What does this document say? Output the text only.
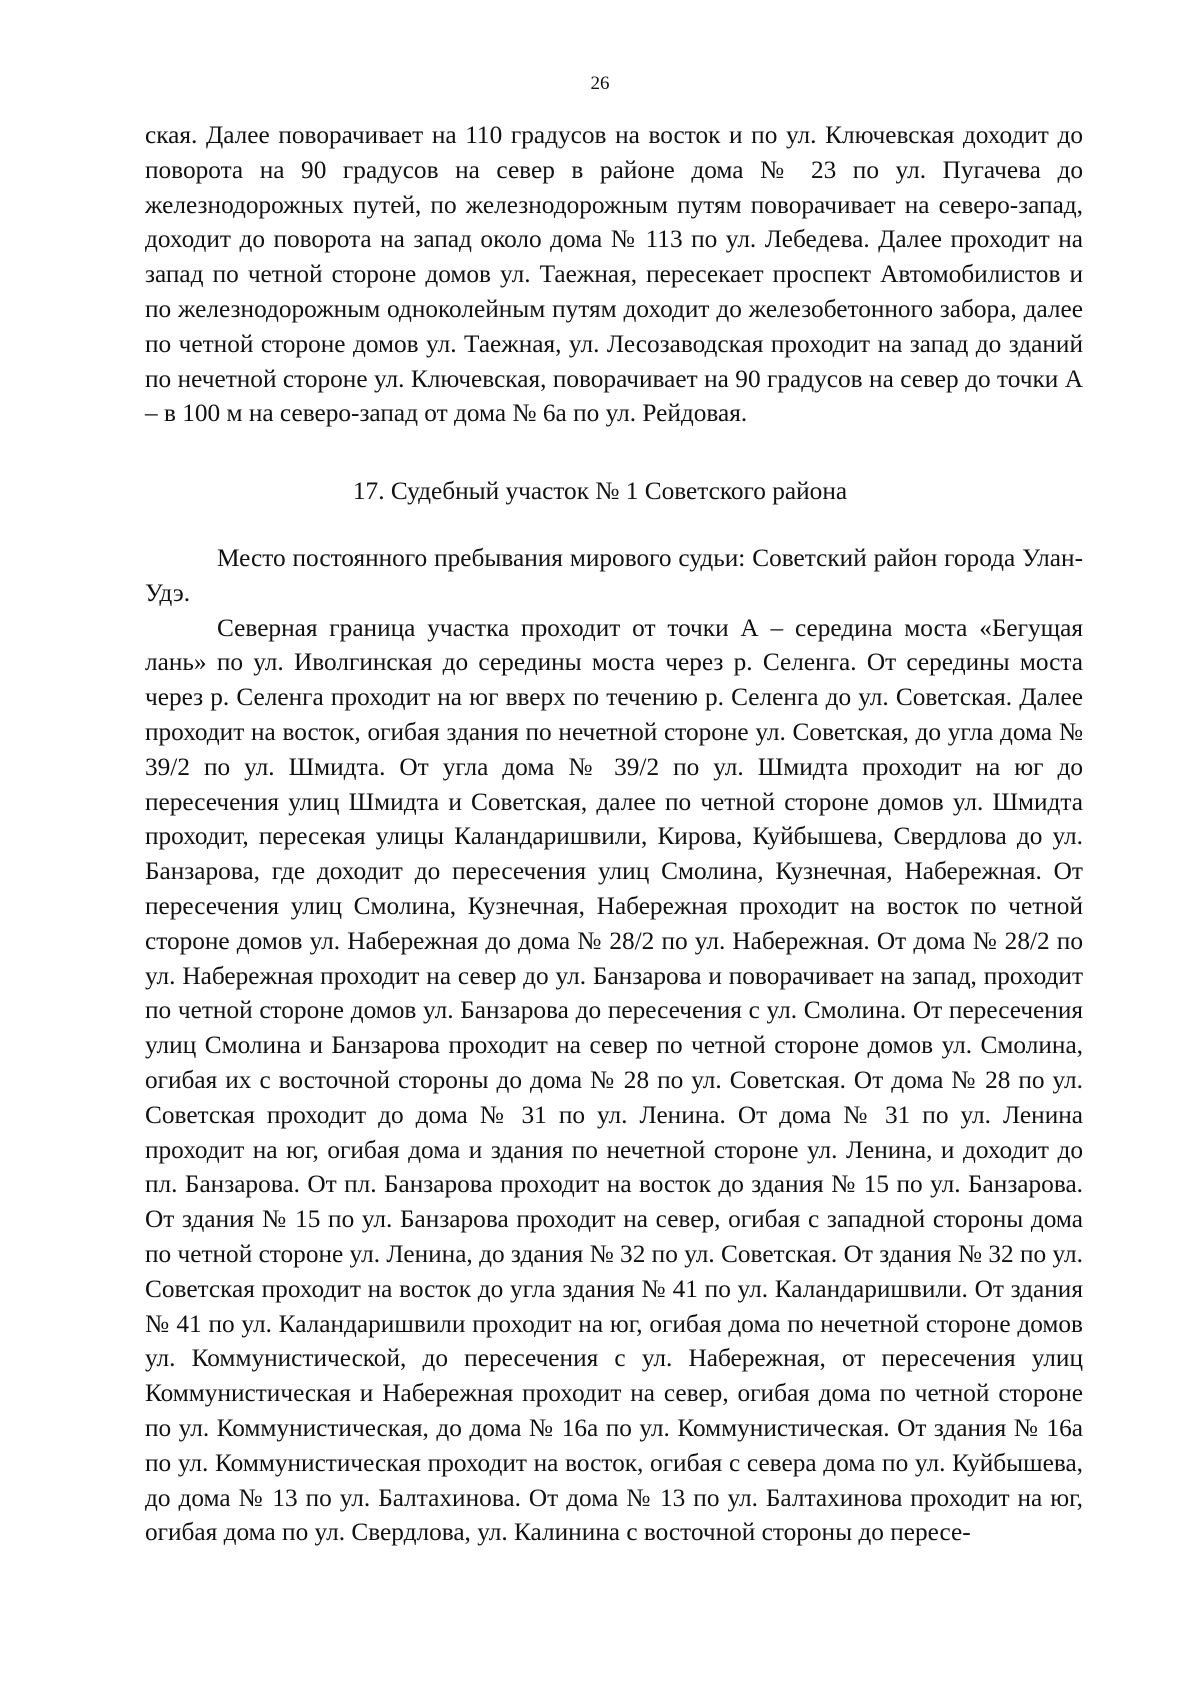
26

ская. Далее поворачивает на 110 градусов на восток и по ул. Ключевская доходит до поворота на 90 градусов на север в районе дома № 23 по ул. Пугачева до железнодорожных путей, по железнодорожным путям поворачивает на северо-запад, доходит до поворота на запад около дома № 113 по ул. Лебедева. Далее проходит на запад по четной стороне домов ул. Таежная, пересекает проспект Автомобилистов и по железнодорожным одноколейным путям доходит до железобетонного забора, далее по четной стороне домов ул. Таежная, ул. Лесозаводская проходит на запад до зданий по нечетной стороне ул. Ключевская, поворачивает на 90 градусов на север до точки А – в 100 м на северо-запад от дома № 6а по ул. Рейдовая.

17. Судебный участок № 1 Советского района

Место постоянного пребывания мирового судьи: Советский район города Улан-Удэ.

Северная граница участка проходит от точки А – середина моста «Бегущая лань» по ул. Иволгинская до середины моста через р. Селенга. От середины моста через р. Селенга проходит на юг вверх по течению р. Селенга до ул. Советская. Далее проходит на восток, огибая здания по нечетной стороне ул. Советская, до угла дома № 39/2 по ул. Шмидта. От угла дома № 39/2 по ул. Шмидта проходит на юг до пересечения улиц Шмидта и Советская, далее по четной стороне домов ул. Шмидта проходит, пересекая улицы Каландаришвили, Кирова, Куйбышева, Свердлова до ул. Банзарова, где доходит до пересечения улиц Смолина, Кузнечная, Набережная. От пересечения улиц Смолина, Кузнечная, Набережная проходит на восток по четной стороне домов ул. Набережная до дома № 28/2 по ул. Набережная. От дома № 28/2 по ул. Набережная проходит на север до ул. Банзарова и поворачивает на запад, проходит по четной стороне домов ул. Банзарова до пересечения с ул. Смолина. От пересечения улиц Смолина и Банзарова проходит на север по четной стороне домов ул. Смолина, огибая их с восточной стороны до дома № 28 по ул. Советская. От дома № 28 по ул. Советская проходит до дома № 31 по ул. Ленина. От дома № 31 по ул. Ленина проходит на юг, огибая дома и здания по нечетной стороне ул. Ленина, и доходит до пл. Банзарова. От пл. Банзарова проходит на восток до здания № 15 по ул. Банзарова. От здания № 15 по ул. Банзарова проходит на север, огибая с западной стороны дома по четной стороне ул. Ленина, до здания № 32 по ул. Советская. От здания № 32 по ул. Советская проходит на восток до угла здания № 41 по ул. Каландаришвили. От здания № 41 по ул. Каландаришвили проходит на юг, огибая дома по нечетной стороне домов ул. Коммунистической, до пересечения с ул. Набережная, от пересечения улиц Коммунистическая и Набережная проходит на север, огибая дома по четной стороне по ул. Коммунистическая, до дома № 16а по ул. Коммунистическая. От здания № 16а по ул. Коммунистическая проходит на восток, огибая с севера дома по ул. Куйбышева, до дома № 13 по ул. Балтахинова. От дома № 13 по ул. Балтахинова проходит на юг, огибая дома по ул. Свердлова, ул. Калинина с восточной стороны до пересе-
